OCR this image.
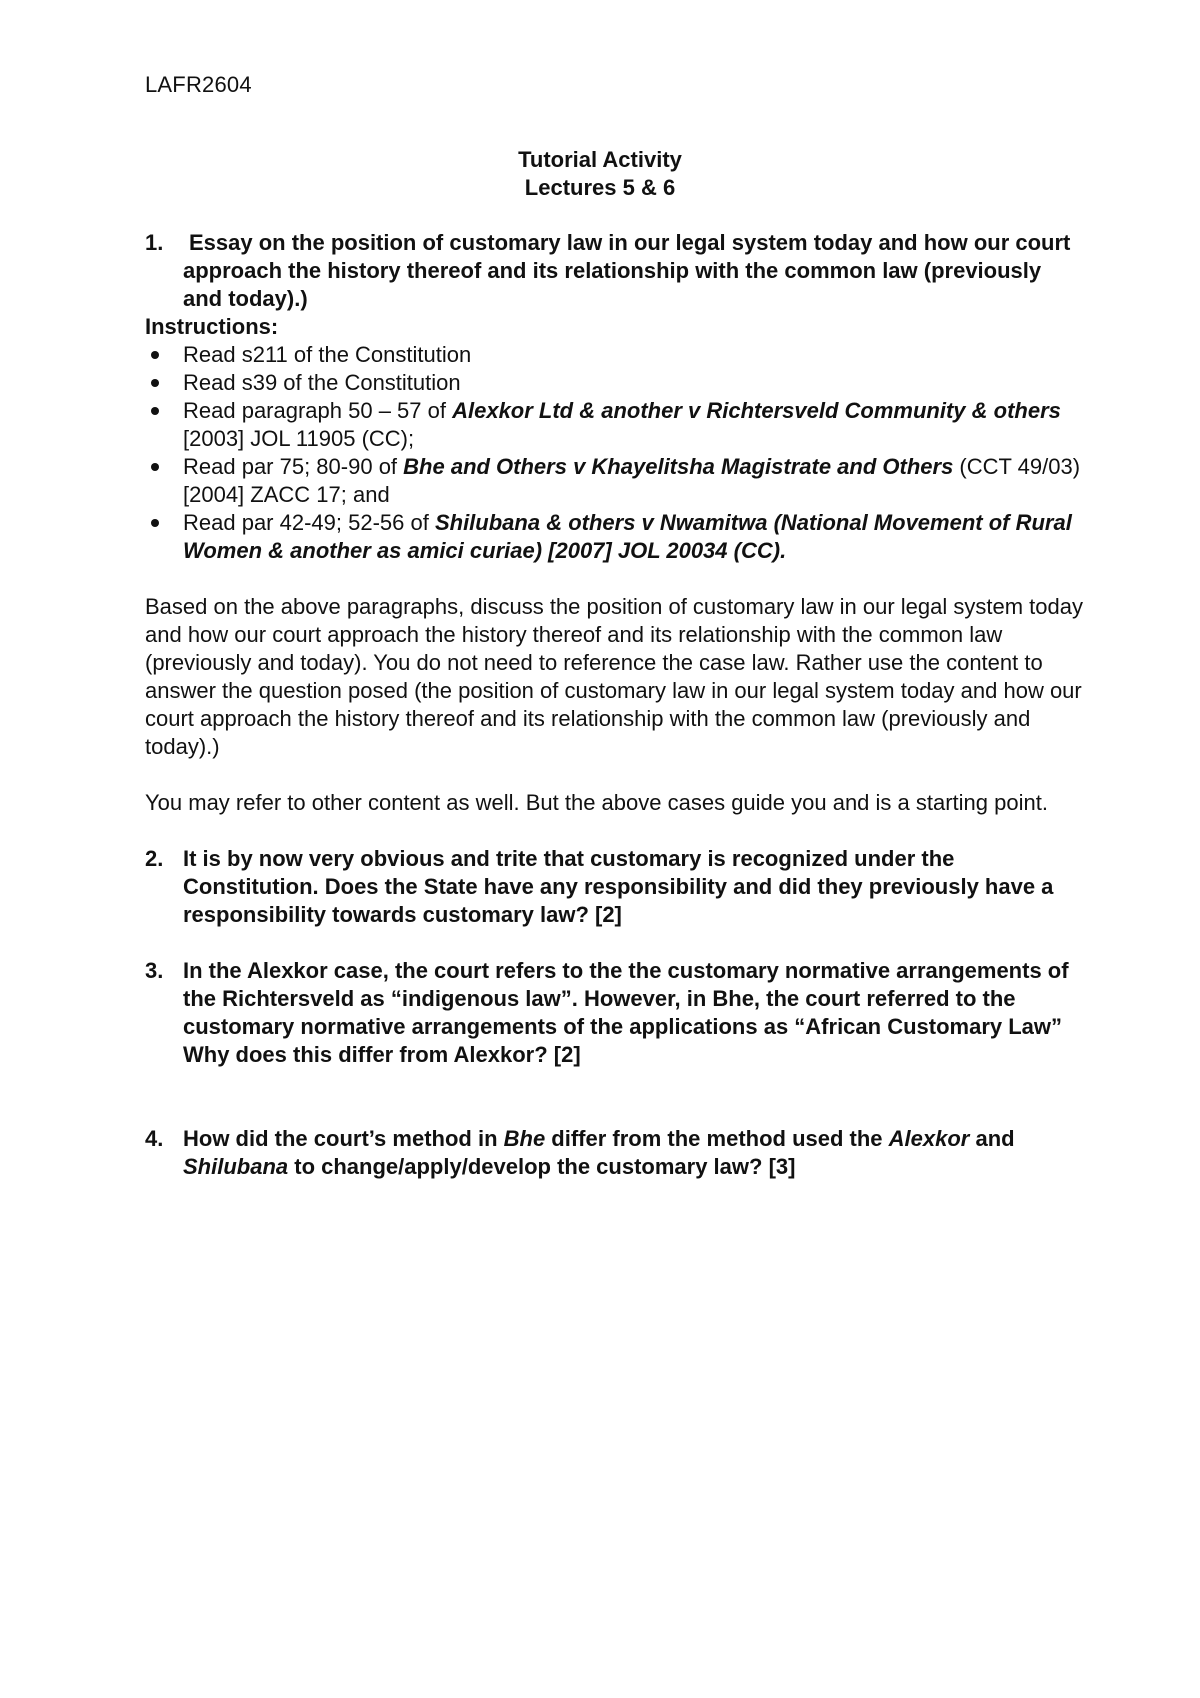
LAFR2604
Tutorial Activity
Lectures 5 & 6
1. Essay on the position of customary law in our legal system today and how our court approach the history thereof and its relationship with the common law (previously and today).)
Instructions:
Read s211 of the Constitution
Read s39 of the Constitution
Read paragraph 50 – 57 of Alexkor Ltd & another v Richtersveld Community & others [2003] JOL 11905 (CC);
Read par 75; 80-90 of Bhe and Others v Khayelitsha Magistrate and Others (CCT 49/03) [2004] ZACC 17; and
Read par 42-49; 52-56 of Shilubana & others v Nwamitwa (National Movement of Rural Women & another as amici curiae) [2007] JOL 20034 (CC).

Based on the above paragraphs, discuss the position of customary law in our legal system today and how our court approach the history thereof and its relationship with the common law (previously and today). You do not need to reference the case law. Rather use the content to answer the question posed (the position of customary law in our legal system today and how our court approach the history thereof and its relationship with the common law (previously and today).)

You may refer to other content as well. But the above cases guide you and is a starting point.

2. It is by now very obvious and trite that customary is recognized under the Constitution. Does the State have any responsibility and did they previously have a responsibility towards customary law? [2]
3. In the Alexkor case, the court refers to the the customary normative arrangements of the Richtersveld as “indigenous law”. However, in Bhe, the court referred to the customary normative arrangements of the applications as “African Customary Law” Why does this differ from Alexkor? [2]
4. How did the court’s method in Bhe differ from the method used the Alexkor and Shilubana to change/apply/develop the customary law? [3]
